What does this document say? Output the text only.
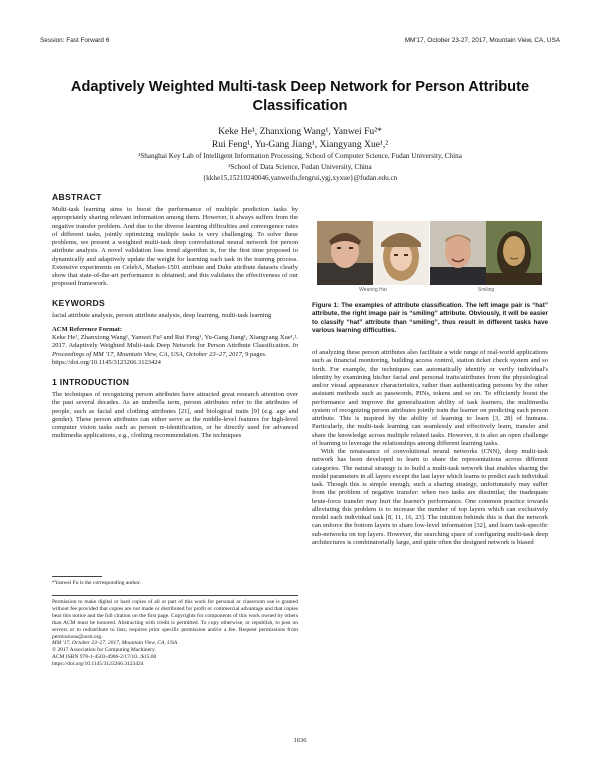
Session: Fast Forward 6	MM'17, October 23-27, 2017, Mountain View, CA, USA
Adaptively Weighted Multi-task Deep Network for Person Attribute Classification
Keke He¹, Zhanxiong Wang¹, Yanwei Fu²*
Rui Feng¹, Yu-Gang Jiang¹, Xiangyang Xue¹,²
¹Shanghai Key Lab of Intelligent Information Processing, School of Computer Science, Fudan University, China
²School of Data Science, Fudan University, China
{kkhe15,15210240046,yanweifu,fengrui,ygj,xyxue}@fudan.edu.cn
ABSTRACT
Multi-task learning aims to boost the performance of multiple prediction tasks by appropriately sharing relevant information among them. However, it always suffers from the negative transfer problem. And due to the diverse learning difficulties and convergence rates of different tasks, jointly optimizing multiple tasks is very challenging. To solve these problems, we present a weighted multi-task deep convolutional neural network for person attribute analysis. A novel validation loss trend algorithm is, for the first time proposed to dynamically and adaptively update the weight for learning each task in the training process. Extensive experiments on CelebA, Market-1501 attribute and Duke attribute datasets clearly show that state-of-the-art performance is obtained; and this validates the effectiveness of our proposed framework.
KEYWORDS
facial attribute analysis, person attribute analysis, deep learning, multi-task learning
ACM Reference Format:
Keke He¹, Zhanxiong Wang¹, Yanwei Fu² and Rui Feng¹, Yu-Gang Jiang¹, Xiangyang Xue¹,². 2017. Adaptively Weighted Multi-task Deep Network for Person Attribute Classification. In Proceedings of MM '17, Mountain View, CA, USA, October 23–27, 2017, 9 pages.
https://doi.org/10.1145/3123266.3123424
1 INTRODUCTION
The techniques of recognizing person attributes have attracted great research attention over the past several decades. As an umbrella term, person attributes refer to the attributes of people, such as facial and clothing attributes [21], and biological traits [9] (e.g. age and gender). These person attributes can either serve as the middle-level features for high-level computer vision tasks such as person re-identification, or be directly used for advanced multimedia applications, e.g., clothing recommendation. The techniques
*Yanwei Fu is the corresponding author.
Permission to make digital or hard copies of all or part of this work for personal or classroom use is granted without fee provided that copies are not made or distributed for profit or commercial advantage and that copies bear this notice and the full citation on the first page. Copyrights for components of this work owned by others than ACM must be honored. Abstracting with credit is permitted. To copy otherwise, or republish, to post on servers or to redistribute to lists, requires prior specific permission and/or a fee. Request permissions from permissions@acm.org.
MM '17, October 23–27, 2017, Mountain View, CA, USA
© 2017 Association for Computing Machinery.
ACM ISBN 978-1-4503-4906-2/17/10...$15.00
https://doi.org/10.1145/3123266.3123424
Wearing Hat	Smiling
Figure 1: The examples of attribute classification. The left image pair is “hat” attribute, the right image pair is “smiling” attribute. Obviously, it will be easier to classify “hat” attribute than “smiling”, thus result in different tasks have various learning difficulties.
of analyzing these person attributes also facilitate a wide range of real-world applications such as financial monitoring, building access control, station ticket check system and so forth. For example, the techniques can automatically identify or verify individual's identity by examining his/her facial and personal traits/attributes from the physiological and/or visual appearance characteristics, rather than authenticating persons by the other assistant methods such as passwords, PINs, tokens and so on. To efficiently boost the performance and improve the generalization ability of task learners, the multimedia system of recognizing person attributes jointly train the learner on predicting each person attribute. This is inspired by the ability of learning to learn [3, 28] of humans. Particularly, the multi-task learning can seamlessly and effectively learn, transfer and share the knowledge across multiple related tasks. However, it is also an open challenge of learning to leverage the relationships among different learning tasks.
With the renaissance of convolutional neural networks (CNN), deep multi-task network has been developed to learn to share the representations across different categories. The natural strategy is to build a multi-task network that enables sharing the model parameters in all layers except the last layer which learns to predict each individual task. Though this is simple enough, such a sharing strategy, unfortunately may suffer from the problem of negative transfer: when two tasks are dissimilar, the inadequate brute-force transfer may hurt the learner's performance. One common practice towards alleviating this problem is to increase the number of top layers which can exclusively model each individual task [8, 11, 16, 23]. The intuition behinds this is that the network can enforce the bottom layers to share low-level information [32], and learn task-specific sub-networks on top layers. However, the searching space of configuring multi-task deep architectures is combinatorially large, and quite often the designed network is biased
1636
